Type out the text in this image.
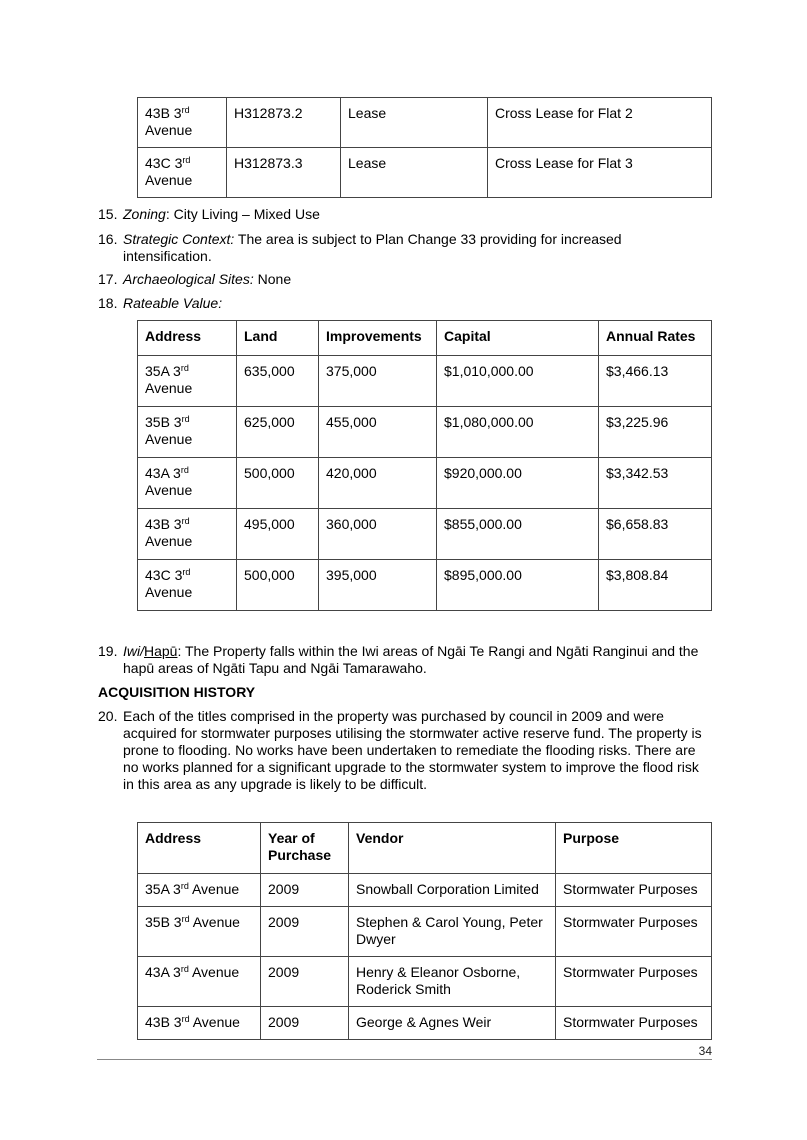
43B 3rd
Avenue	H312873.2	Lease	Cross Lease for Flat 2
43C 3rd
Avenue	H312873.3	Lease	Cross Lease for Flat 3
15. Zoning: City Living – Mixed Use
16. Strategic Context: The area is subject to Plan Change 33 providing for increased intensification.
17. Archaeological Sites: None
18. Rateable Value:
Address	Land	Improvements	Capital	Annual Rates
35A 3rd
Avenue	635,000	375,000	$1,010,000.00	$3,466.13
35B 3rd
Avenue	625,000	455,000	$1,080,000.00	$3,225.96
43A 3rd
Avenue	500,000	420,000	$920,000.00	$3,342.53
43B 3rd
Avenue	495,000	360,000	$855,000.00	$6,658.83
43C 3rd
Avenue	500,000	395,000	$895,000.00	$3,808.84
19. Iwi/Hapū: The Property falls within the Iwi areas of Ngāi Te Rangi and Ngāti Ranginui and the hapū areas of Ngāti Tapu and Ngāi Tamarawaho.
ACQUISITION HISTORY
20. Each of the titles comprised in the property was purchased by council in 2009 and were acquired for stormwater purposes utilising the stormwater active reserve fund. The property is prone to flooding. No works have been undertaken to remediate the flooding risks. There are no works planned for a significant upgrade to the stormwater system to improve the flood risk in this area as any upgrade is likely to be difficult.
Address	Year of Purchase	Vendor	Purpose
35A 3rd Avenue	2009	Snowball Corporation Limited	Stormwater Purposes
35B 3rd Avenue	2009	Stephen & Carol Young, Peter Dwyer	Stormwater Purposes
43A 3rd Avenue	2009	Henry & Eleanor Osborne, Roderick Smith	Stormwater Purposes
43B 3rd Avenue	2009	George & Agnes Weir	Stormwater Purposes
34
